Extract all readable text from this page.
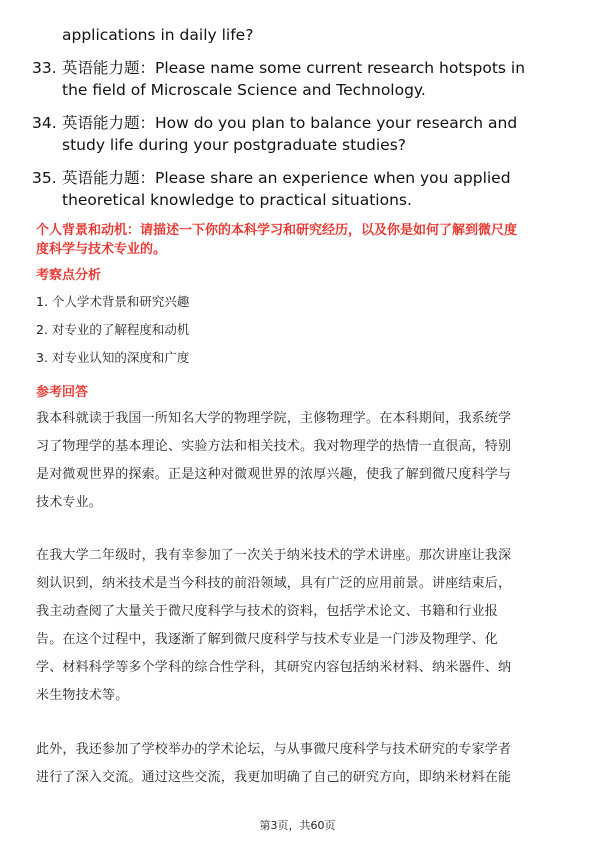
applications in daily life?
33. 英语能力题：Please name some current research hotspots in
the field of Microscale Science and Technology.
34. 英语能力题：How do you plan to balance your research and
study life during your postgraduate studies?
35. 英语能力题：Please share an experience when you applied
theoretical knowledge to practical situations.
个人背景和动机：请描述一下你的本科学习和研究经历，以及你是如何了解到微尺度
度科学与技术专业的。
考察点分析
1. 个人学术背景和研究兴趣
2. 对专业的了解程度和动机
3. 对专业认知的深度和广度
参考回答
我本科就读于我国一所知名大学的物理学院，主修物理学。在本科期间，我系统学
习了物理学的基本理论、实验方法和相关技术。我对物理学的热情一直很高，特别
是对微观世界的探索。正是这种对微观世界的浓厚兴趣，使我了解到微尺度科学与
技术专业。
在我大学二年级时，我有幸参加了一次关于纳米技术的学术讲座。那次讲座让我深
刻认识到，纳米技术是当今科技的前沿领域，具有广泛的应用前景。讲座结束后，
我主动查阅了大量关于微尺度科学与技术的资料，包括学术论文、书籍和行业报
告。在这个过程中，我逐渐了解到微尺度科学与技术专业是一门涉及物理学、化
学、材料科学等多个学科的综合性学科，其研究内容包括纳米材料、纳米器件、纳
米生物技术等。
此外，我还参加了学校举办的学术论坛，与从事微尺度科学与技术研究的专家学者
进行了深入交流。通过这些交流，我更加明确了自己的研究方向，即纳米材料在能
第3页，共60页
